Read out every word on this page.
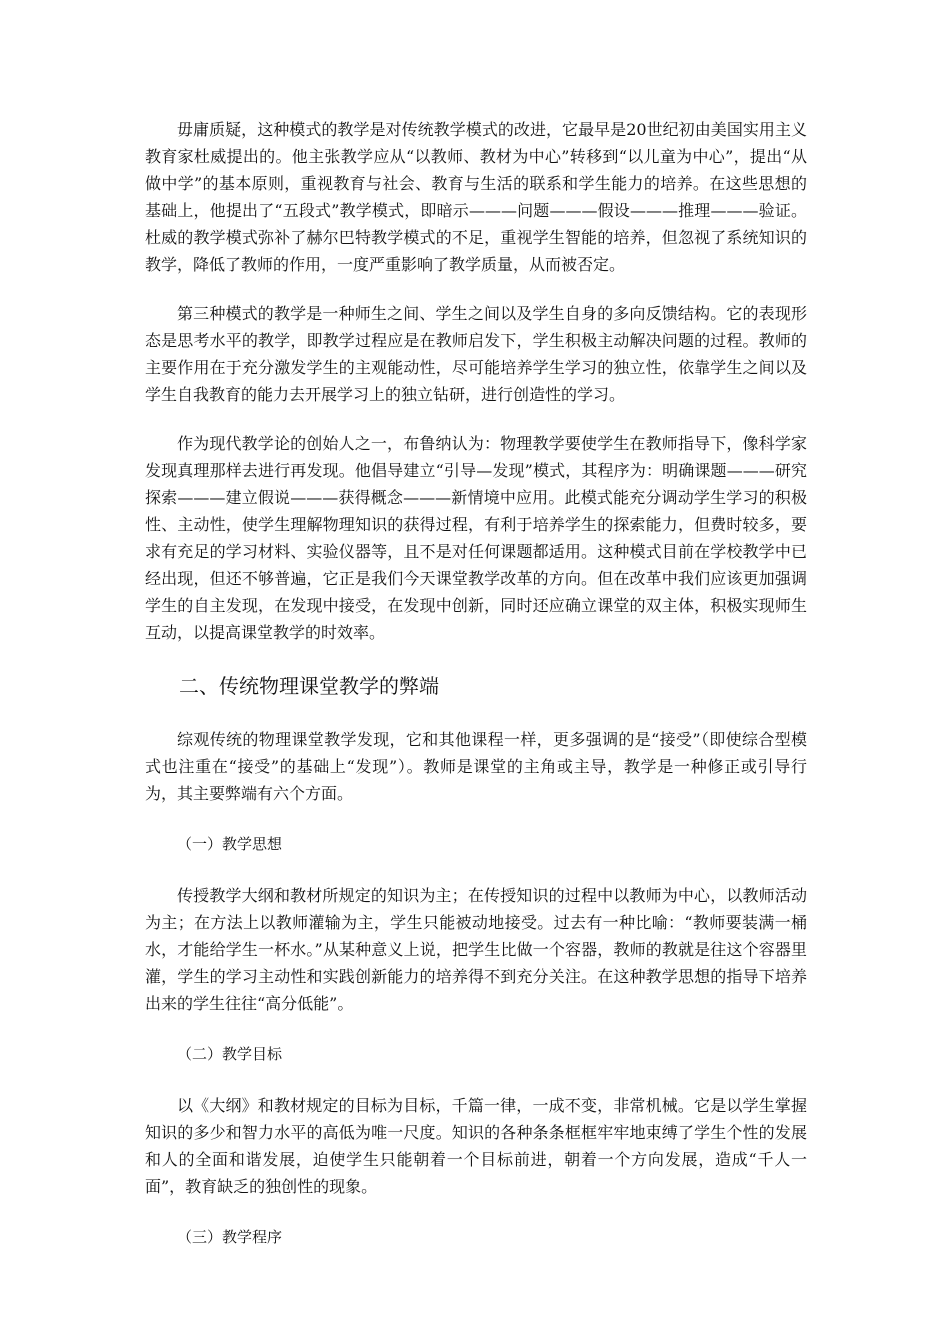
毋庸质疑，这种模式的教学是对传统教学模式的改进，它最早是20世纪初由美国实用主义教育家杜威提出的。他主张教学应从“以教师、教材为中心”转移到“以儿童为中心”，提出“从做中学”的基本原则，重视教育与社会、教育与生活的联系和学生能力的培养。在这些思想的基础上，他提出了“五段式”教学模式，即暗示———问题———假设———推理———验证。杜威的教学模式弥补了赫尔巴特教学模式的不足，重视学生智能的培养，但忽视了系统知识的教学，降低了教师的作用，一度严重影响了教学质量，从而被否定。

第三种模式的教学是一种师生之间、学生之间以及学生自身的多向反馈结构。它的表现形态是思考水平的教学，即教学过程应是在教师启发下，学生积极主动解决问题的过程。教师的主要作用在于充分激发学生的主观能动性，尽可能培养学生学习的独立性，依靠学生之间以及学生自我教育的能力去开展学习上的独立钻研，进行创造性的学习。

作为现代教学论的创始人之一，布鲁纳认为：物理教学要使学生在教师指导下，像科学家发现真理那样去进行再发现。他倡导建立“引导—发现”模式，其程序为：明确课题———研究探索———建立假说———获得概念———新情境中应用。此模式能充分调动学生学习的积极性、主动性，使学生理解物理知识的获得过程，有利于培养学生的探索能力，但费时较多，要求有充足的学习材料、实验仪器等，且不是对任何课题都适用。这种模式目前在学校教学中已经出现，但还不够普遍，它正是我们今天课堂教学改革的方向。但在改革中我们应该更加强调学生的自主发现，在发现中接受，在发现中创新，同时还应确立课堂的双主体，积极实现师生互动，以提高课堂教学的时效率。

二、传统物理课堂教学的弊端

综观传统的物理课堂教学发现，它和其他课程一样，更多强调的是“接受”（即使综合型模式也注重在“接受”的基础上“发现”）。教师是课堂的主角或主导，教学是一种修正或引导行为，其主要弊端有六个方面。

（一）教学思想

传授教学大纲和教材所规定的知识为主；在传授知识的过程中以教师为中心，以教师活动为主；在方法上以教师灌输为主，学生只能被动地接受。过去有一种比喻：“教师要装满一桶水，才能给学生一杯水。”从某种意义上说，把学生比做一个容器，教师的教就是往这个容器里灌，学生的学习主动性和实践创新能力的培养得不到充分关注。在这种教学思想的指导下培养出来的学生往往“高分低能”。

（二）教学目标

以《大纲》和教材规定的目标为目标，千篇一律，一成不变，非常机械。它是以学生掌握知识的多少和智力水平的高低为唯一尺度。知识的各种条条框框牢牢地束缚了学生个性的发展和人的全面和谐发展，迫使学生只能朝着一个目标前进，朝着一个方向发展，造成“千人一面”，教育缺乏的独创性的现象。

（三）教学程序
